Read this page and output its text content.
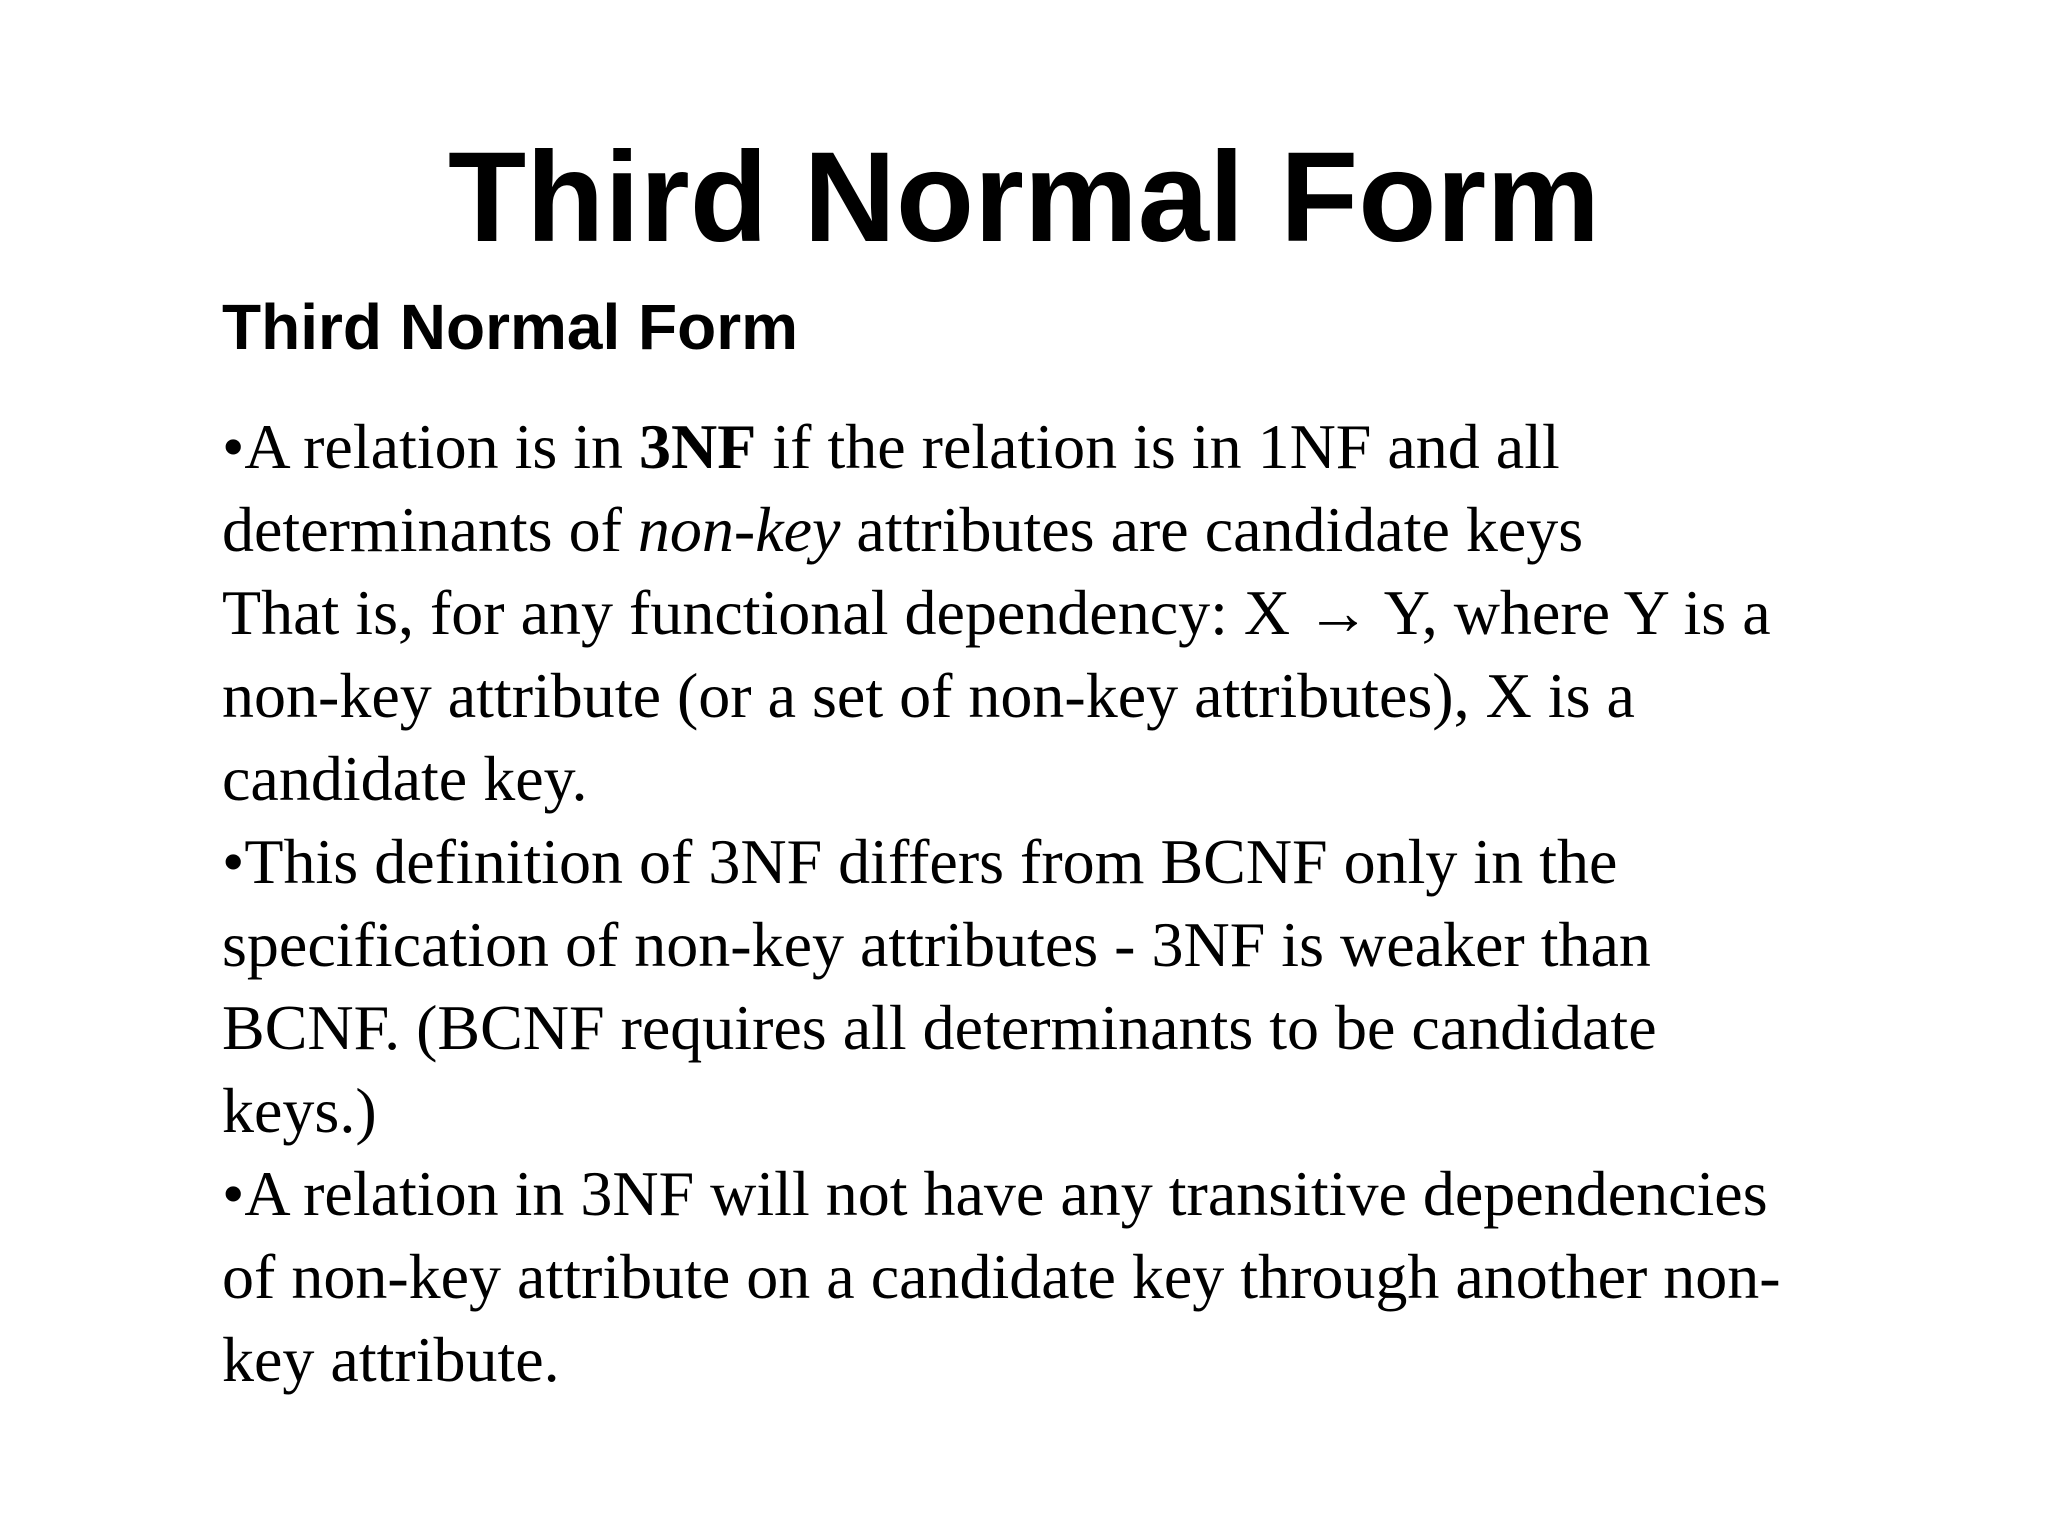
Third Normal Form
Third Normal Form
•A relation is in 3NF if the relation is in 1NF and all
determinants of non-key attributes are candidate keys
That is, for any functional dependency: X → Y, where Y is a
non-key attribute (or a set of non-key attributes), X is a
candidate key.
•This definition of 3NF differs from BCNF only in the
specification of non-key attributes - 3NF is weaker than
BCNF. (BCNF requires all determinants to be candidate
keys.)
•A relation in 3NF will not have any transitive dependencies
of non-key attribute on a candidate key through another non-
key attribute.
